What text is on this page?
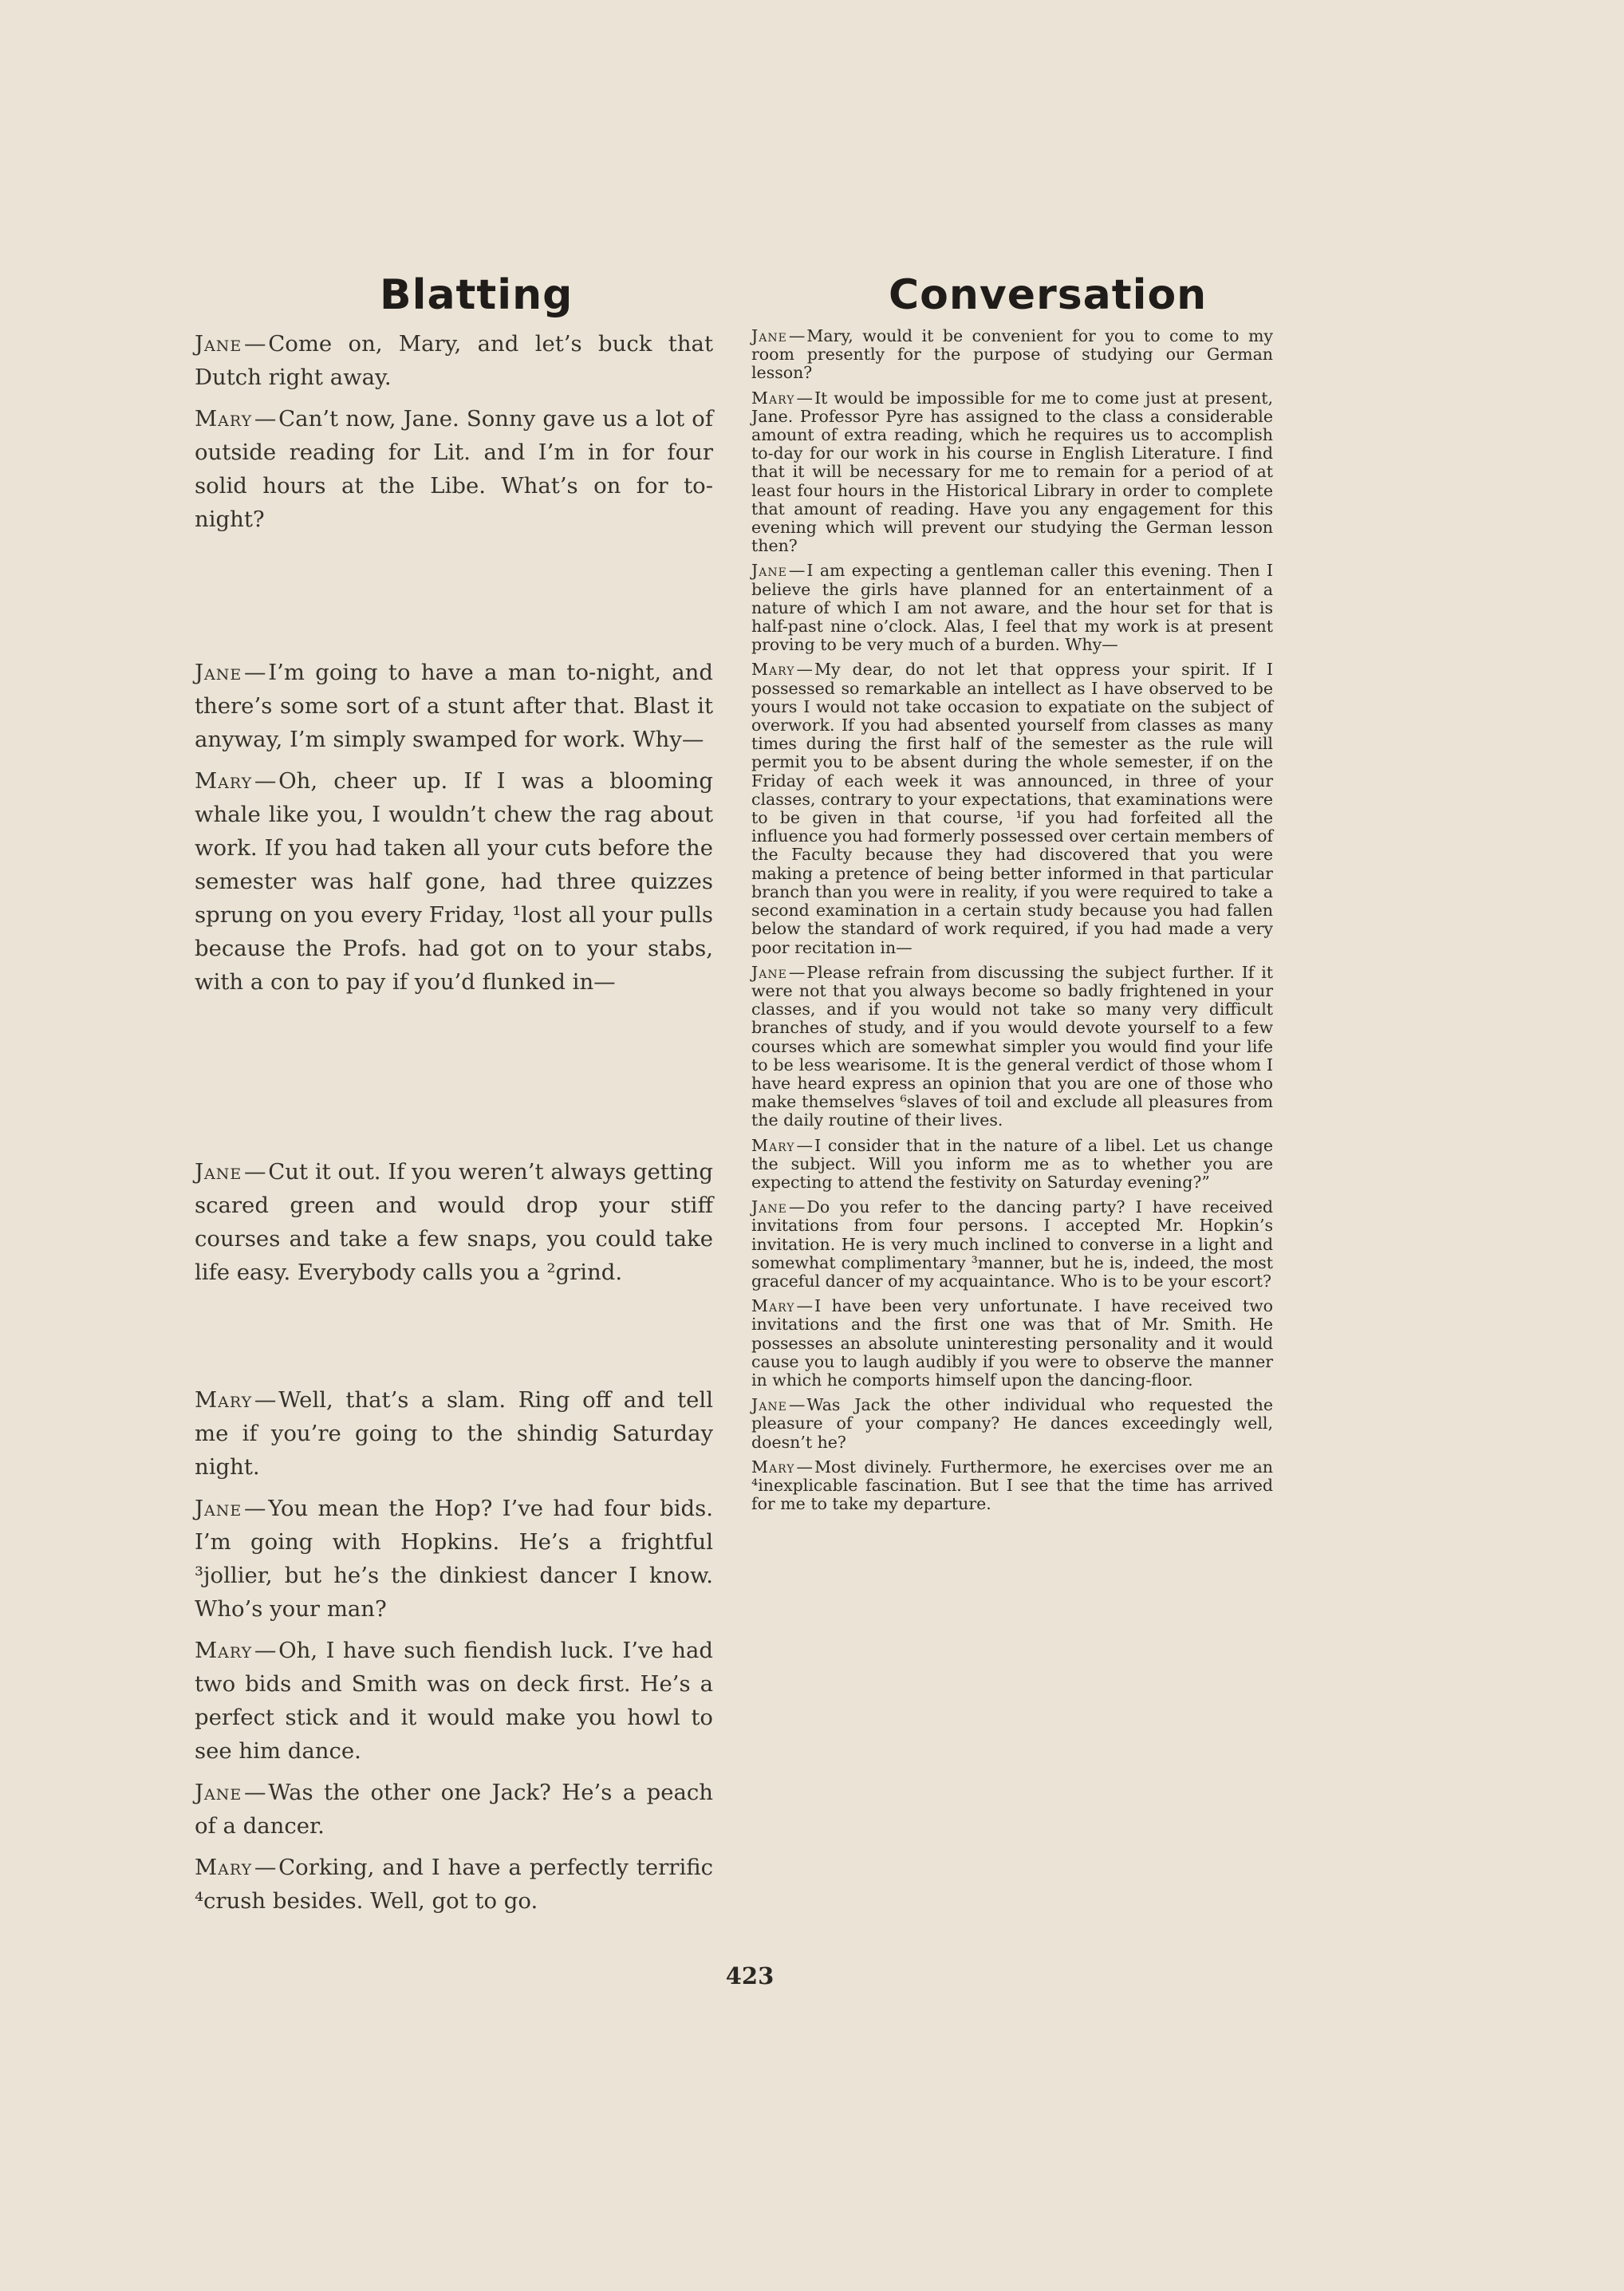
Blatting	Conversation

Jane — Come on, Mary, and let’s buck that Dutch right away.

Mary — Can’t now, Jane. Sonny gave us a lot of outside reading for Lit. and I’m in for four solid hours at the Libe. What’s on for to-night?

Jane — I’m going to have a man to-night, and there’s some sort of a stunt after that. Blast it anyway, I’m simply swamped for work. Why—

Mary — Oh, cheer up. If I was a blooming whale like you, I wouldn’t chew the rag about work. If you had taken all your cuts before the semester was half gone, had three quizzes sprung on you every Friday, ¹lost all your pulls because the Profs. had got on to your stabs, with a con to pay if you’d flunked in—

Jane — Cut it out. If you weren’t always getting scared green and would drop your stiff courses and take a few snaps, you could take life easy. Everybody calls you a ²grind.

Mary — Well, that’s a slam. Ring off and tell me if you’re going to the shindig Saturday night.

Jane — You mean the Hop? I’ve had four bids. I’m going with Hopkins. He’s a frightful ³jollier, but he’s the dinkiest dancer I know. Who’s your man?

Mary — Oh, I have such fiendish luck. I’ve had two bids and Smith was on deck first. He’s a perfect stick and it would make you howl to see him dance.

Jane — Was the other one Jack? He’s a peach of a dancer.

Mary — Corking, and I have a perfectly terrific ⁴crush besides. Well, got to go.

Jane — Mary, would it be convenient for you to come to my room presently for the purpose of studying our German lesson?

Mary — It would be impossible for me to come just at present, Jane. Professor Pyre has assigned to the class a considerable amount of extra reading, which he requires us to accomplish to-day for our work in his course in English Literature. I find that it will be necessary for me to remain for a period of at least four hours in the Historical Library in order to complete that amount of reading. Have you any engagement for this evening which will prevent our studying the German lesson then?

Jane — I am expecting a gentleman caller this evening. Then I believe the girls have planned for an entertainment of a nature of which I am not aware, and the hour set for that is half-past nine o’clock. Alas, I feel that my work is at present proving to be very much of a burden. Why—

Mary — My dear, do not let that oppress your spirit. If I possessed so remarkable an intellect as I have observed to be yours I would not take occasion to expatiate on the subject of overwork. If you had absented yourself from classes as many times during the first half of the semester as the rule will permit you to be absent during the whole semester, if on the Friday of each week it was announced, in three of your classes, contrary to your expectations, that examinations were to be given in that course, ¹if you had forfeited all the influence you had formerly possessed over certain members of the Faculty because they had discovered that you were making a pretence of being better informed in that particular branch than you were in reality, if you were required to take a second examination in a certain study because you had fallen below the standard of work required, if you had made a very poor recitation in—

Jane — Please refrain from discussing the subject further. If it were not that you always become so badly frightened in your classes, and if you would not take so many very difficult branches of study, and if you would devote yourself to a few courses which are somewhat simpler you would find your life to be less wearisome. It is the general verdict of those whom I have heard express an opinion that you are one of those who make themselves ⁶slaves of toil and exclude all pleasures from the daily routine of their lives.

Mary — I consider that in the nature of a libel. Let us change the subject. Will you inform me as to whether you are expecting to attend the festivity on Saturday evening?”

Jane — Do you refer to the dancing party? I have received invitations from four persons. I accepted Mr. Hopkin’s invitation. He is very much inclined to converse in a light and somewhat complimentary ³manner, but he is, indeed, the most graceful dancer of my acquaintance. Who is to be your escort?

Mary — I have been very unfortunate. I have received two invitations and the first one was that of Mr. Smith. He possesses an absolute uninteresting personality and it would cause you to laugh audibly if you were to observe the manner in which he comports himself upon the dancing-floor.

Jane — Was Jack the other individual who requested the pleasure of your company? He dances exceedingly well, doesn’t he?

Mary — Most divinely. Furthermore, he exercises over me an ⁴inexplicable fascination. But I see that the time has arrived for me to take my departure.

423
